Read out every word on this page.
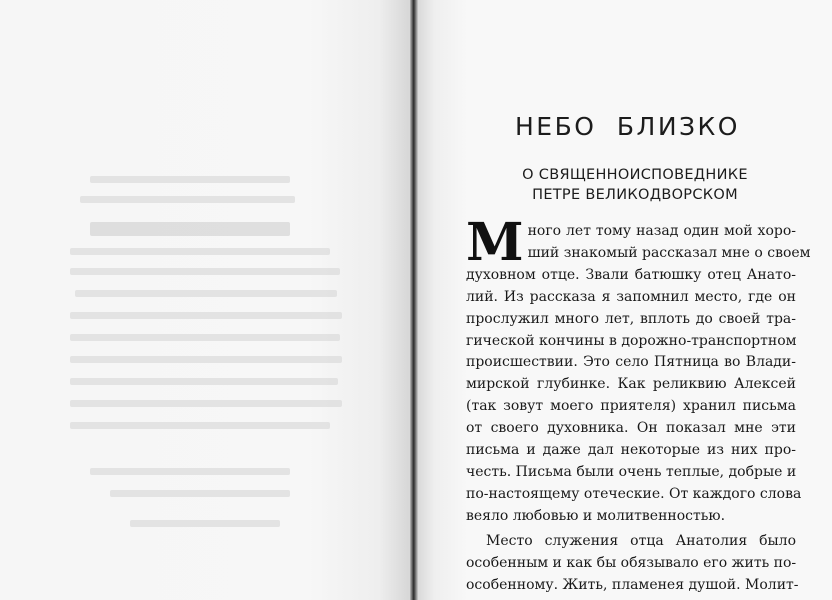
НЕБО БЛИЗКО
О СВЯЩЕННОИСПОВЕДНИКЕ
ПЕТРЕ ВЕЛИКОДВОРСКОМ
М ного лет тому назад один мой хоро-
ший знакомый рассказал мне о своем
духовном отце. Звали батюшку отец Анато-
лий. Из рассказа я запомнил место, где он
прослужил много лет, вплоть до своей тра-
гической кончины в дорожно-транспортном
происшествии. Это село Пятница во Влади-
мирской глубинке. Как реликвию Алексей
(так зовут моего приятеля) хранил письма
от своего духовника. Он показал мне эти
письма и даже дал некоторые из них про-
честь. Письма были очень теплые, добрые и
по-настоящему отеческие. От каждого слова
веяло любовью и молитвенностью.
Место служения отца Анатолия было
особенным и как бы обязывало его жить по-
особенному. Жить, пламенея душой. Молит-
